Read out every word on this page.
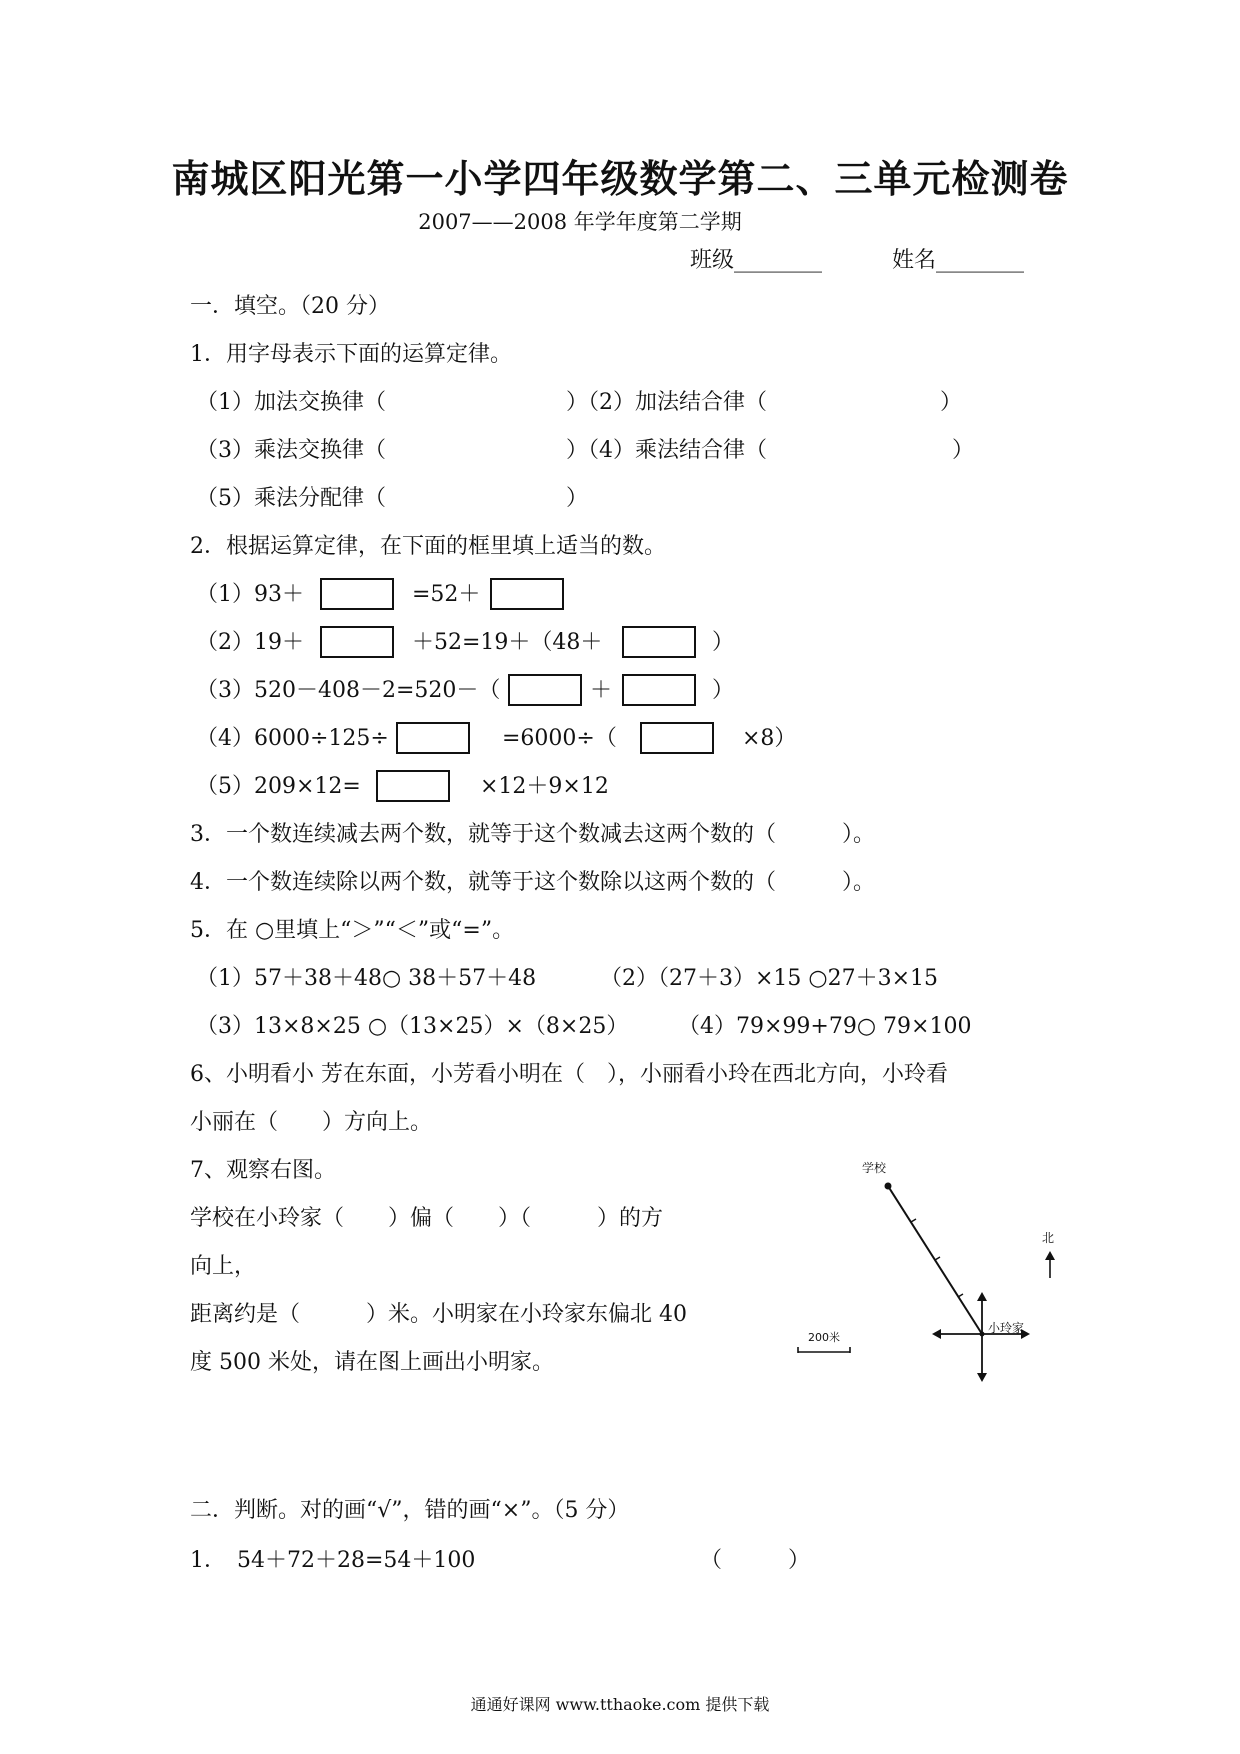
南城区阳光第一小学四年级数学第二、三单元检测卷
2007——2008 年学年度第二学期
班级________	姓名________
一．填空。（20 分）
1．用字母表示下面的运算定律。
（1）加法交换律（	）（2）加法结合律（	）
（3）乘法交换律（	）（4）乘法结合律（	）
（5）乘法分配律（	）
2．根据运算定律，在下面的框里填上适当的数。
（1）93＋	=52＋
（2）19＋	＋52=19＋（48＋	）
（3）520－408－2=520－（	＋	）
（4）6000÷125÷	=6000÷（	×8）
（5）209×12=	×12＋9×12
3．一个数连续减去两个数，就等于这个数减去这两个数的（　　　）。
4．一个数连续除以两个数，就等于这个数除以这两个数的（　　　）。
5．在 ○里填上“＞”“＜”或“=”。
（1）57＋38＋48○ 38＋57＋48	（2）（27＋3）×15 ○27＋3×15
（3）13×8×25 ○（13×25）×（8×25） （4）79×99+79○ 79×100
6、小明看小 芳在东面，小芳看小明在（　），小丽看小玲在西北方向，小玲看
小丽在（　　）方向上。
7、观察右图。
学校在小玲家（　　）偏（　　）（　　　）的方
向上，
距离约是（　　　）米。小明家在小玲家东偏北 40
度 500 米处，请在图上画出小明家。
学校
小玲家
北
200米
二．判断。对的画“√”，错的画“×”。（5 分）
1．　54＋72＋28=54＋100	（　　　）
通通好课网 www.tthaoke.com 提供下载
